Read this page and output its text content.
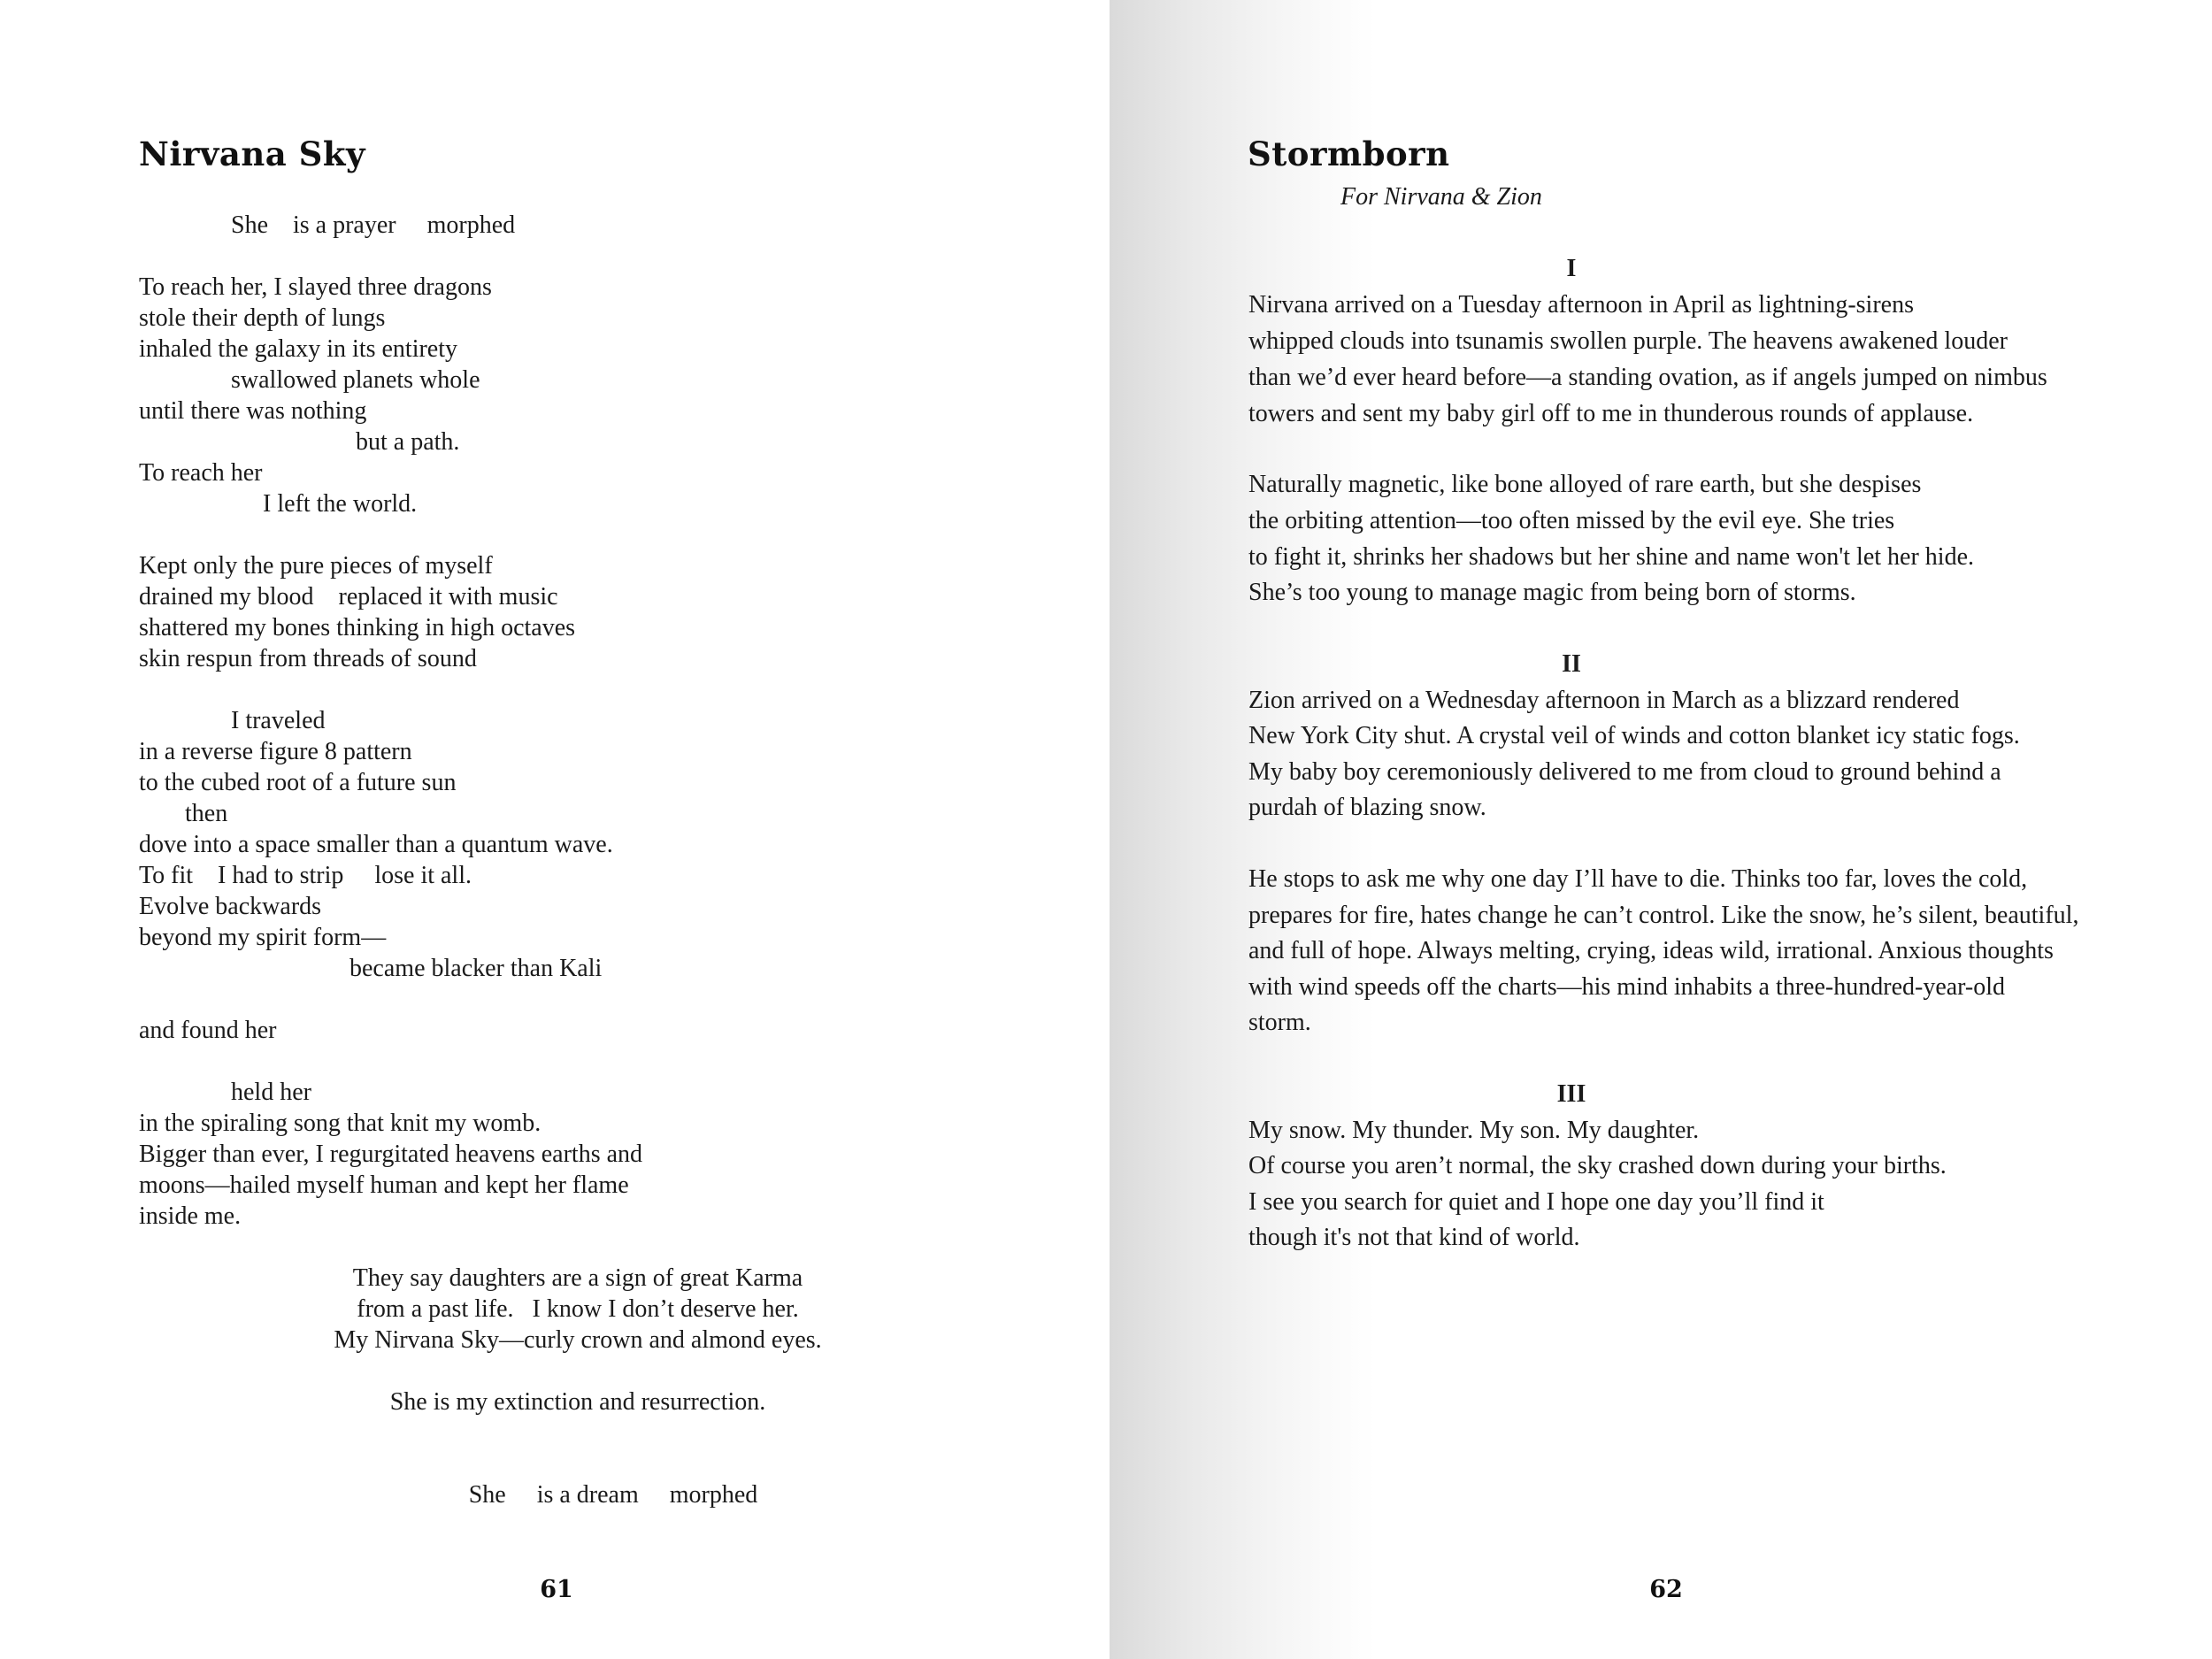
Nirvana Sky
She    is a prayer     morphed
To reach her, I slayed three dragons
stole their depth of lungs
inhaled the galaxy in its entirety
swallowed planets whole
until there was nothing
but a path.
To reach her
I left the world.
Kept only the pure pieces of myself
drained my blood    replaced it with music
shattered my bones thinking in high octaves
skin respun from threads of sound
I traveled
in a reverse figure 8 pattern
to the cubed root of a future sun
then
dove into a space smaller than a quantum wave.
To fit    I had to strip     lose it all.
Evolve backwards
beyond my spirit form—
became blacker than Kali
and found her
held her
in the spiraling song that knit my womb.
Bigger than ever, I regurgitated heavens earths and
moons—hailed myself human and kept her flame
inside me.
They say daughters are a sign of great Karma
from a past life.   I know I don’t deserve her.
My Nirvana Sky—curly crown and almond eyes.
She is my extinction and resurrection.
She     is a dream     morphed
61
Stormborn
For Nirvana & Zion
I
Nirvana arrived on a Tuesday afternoon in April as lightning-sirens
whipped clouds into tsunamis swollen purple. The heavens awakened louder
than we’d ever heard before—a standing ovation, as if angels jumped on nimbus
towers and sent my baby girl off to me in thunderous rounds of applause.
Naturally magnetic, like bone alloyed of rare earth, but she despises
the orbiting attention—too often missed by the evil eye. She tries
to fight it, shrinks her shadows but her shine and name won't let her hide.
She’s too young to manage magic from being born of storms.
II
Zion arrived on a Wednesday afternoon in March as a blizzard rendered
New York City shut. A crystal veil of winds and cotton blanket icy static fogs.
My baby boy ceremoniously delivered to me from cloud to ground behind a
purdah of blazing snow.
He stops to ask me why one day I’ll have to die. Thinks too far, loves the cold,
prepares for fire, hates change he can’t control. Like the snow, he’s silent, beautiful,
and full of hope. Always melting, crying, ideas wild, irrational. Anxious thoughts
with wind speeds off the charts—his mind inhabits a three-hundred-year-old
storm.
III
My snow. My thunder. My son. My daughter.
Of course you aren’t normal, the sky crashed down during your births.
I see you search for quiet and I hope one day you’ll find it
though it's not that kind of world.
62
